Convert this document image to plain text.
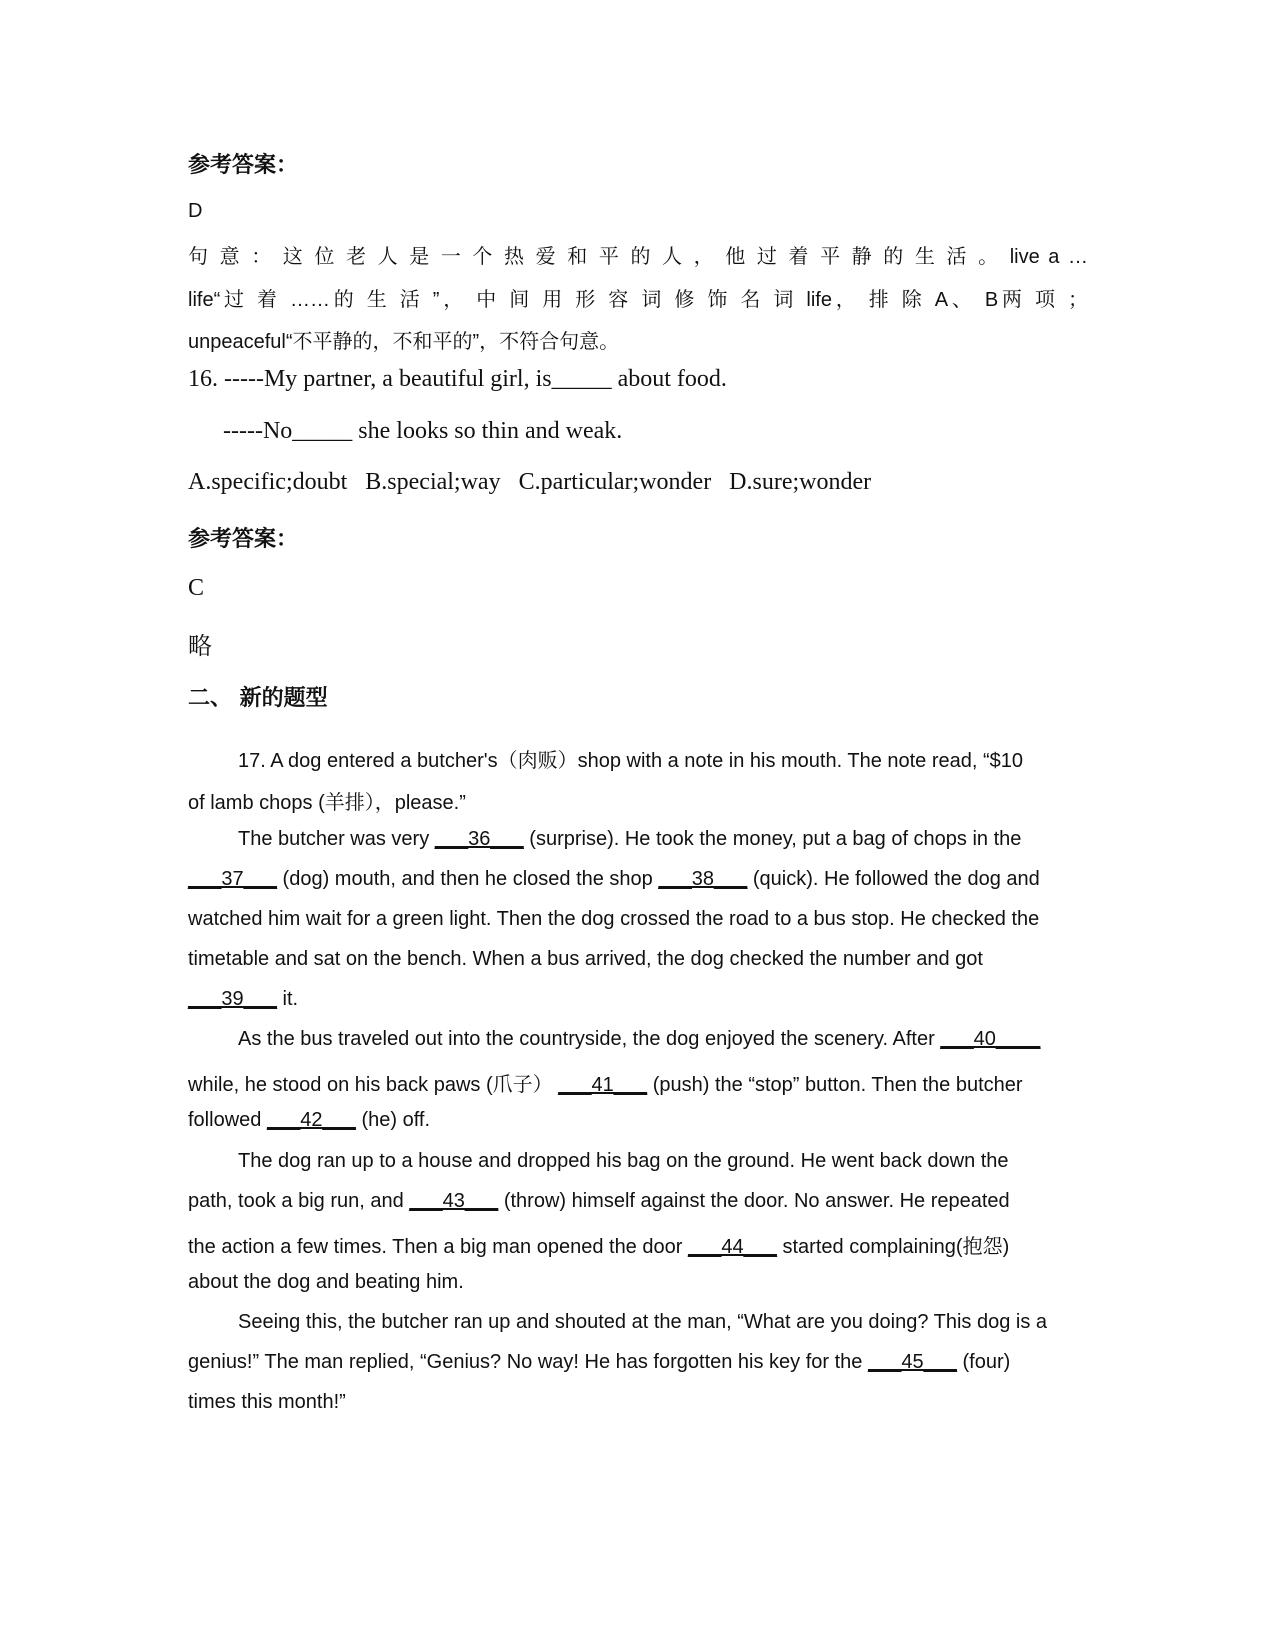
参考答案：
D
句 意 ： 这 位 老 人 是 一 个 热 爱 和 平 的 人 ， 他 过 着 平 静 的 生 活 。 live a …
life“过 着 ……的 生 活 ”， 中 间 用 形 容 词 修 饰 名 词 life， 排 除 A、 B两 项 ；
unpeaceful“不平静的，不和平的”，不符合句意。
16. -----My partner, a beautiful girl, is_____ about food.
-----No_____ she looks so thin and weak.
A.specific;doubt   B.special;way   C.particular;wonder   D.sure;wonder
参考答案：
C
略
二、 新的题型
17. A dog entered a butcher's（肉贩）shop with a note in his mouth. The note read, “$10
of lamb chops (羊排），please.”
The butcher was very ___36___ (surprise). He took the money, put a bag of chops in the
___37___ (dog) mouth, and then he closed the shop ___38___ (quick). He followed the dog and
watched him wait for a green light. Then the dog crossed the road to a bus stop. He checked the
timetable and sat on the bench. When a bus arrived, the dog checked the number and got
___39___ it.
As the bus traveled out into the countryside, the dog enjoyed the scenery. After ___40____
while, he stood on his back paws (爪子） ___41___ (push) the “stop” button. Then the butcher
followed ___42___ (he) off.
The dog ran up to a house and dropped his bag on the ground. He went back down the
path, took a big run, and ___43___ (throw) himself against the door. No answer. He repeated
the action a few times. Then a big man opened the door ___44___ started complaining(抱怨)
about the dog and beating him.
Seeing this, the butcher ran up and shouted at the man, “What are you doing? This dog is a
genius!” The man replied, “Genius? No way! He has forgotten his key for the ___45___ (four)
times this month!”
